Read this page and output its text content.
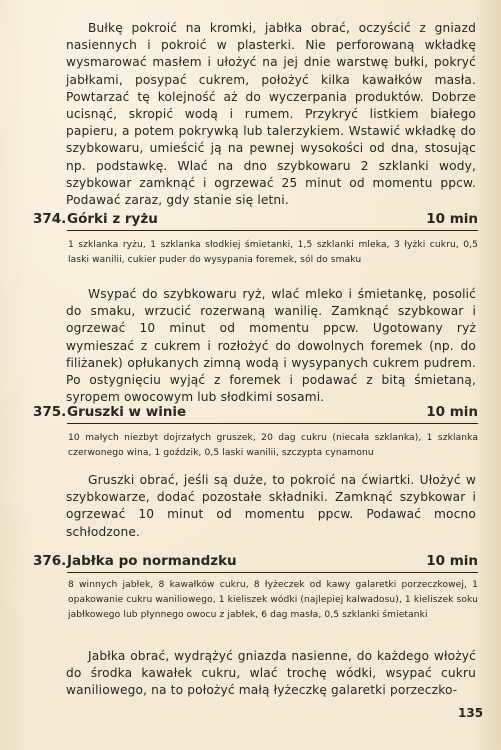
Bułkę pokroić na kromki, jabłka obrać, oczyścić z gniazd nasiennych i pokroić w plasterki. Nie perforowaną wkładkę wysmarować masłem i ułożyć na jej dnie warstwę bułki, pokryć jabłkami, posypać cukrem, położyć kilka kawałków masła. Powtarzać tę kolejność aż do wyczerpania produktów. Dobrze ucisnąć, skropić wodą i rumem. Przykryć listkiem białego papieru, a potem pokrywką lub talerzykiem. Wstawić wkładkę do szybkowaru, umieścić ją na pewnej wysokości od dna, stosując np. podstawkę. Wlać na dno szybkowaru 2 szklanki wody, szybkowar zamknąć i ogrzewać 25 minut od momentu ppcw. Podawać zaraz, gdy stanie się letni.
374. Górki z ryżu	10 min
1 szklanka ryżu, 1 szklanka słodkiej śmietanki, 1,5 szklanki mleka, 3 łyżki cukru, 0,5 laski wanilii, cukier puder do wysypania foremek, sól do smaku
Wsypać do szybkowaru ryż, wlać mleko i śmietankę, posolić do smaku, wrzucić rozerwaną wanilię. Zamknąć szybkowar i ogrzewać 10 minut od momentu ppcw. Ugotowany ryż wymieszać z cukrem i rozłożyć do dowolnych foremek (np. do filiżanek) opłukanych zimną wodą i wysypanych cukrem pudrem. Po ostygnięciu wyjąć z foremek i podawać z bitą śmietaną, syropem owocowym lub słodkimi sosami.
375. Gruszki w winie	10 min
10 małych niezbyt dojrzałych gruszek, 20 dag cukru (niecała szklanka), 1 szklanka czerwonego wina, 1 goździk, 0,5 laski wanilii, szczypta cynamonu
Gruszki obrać, jeśli są duże, to pokroić na ćwiartki. Ułożyć w szybkowarze, dodać pozostałe składniki. Zamknąć szybkowar i ogrzewać 10 minut od momentu ppcw. Podawać mocno schłodzone.
376. Jabłka po normandzku	10 min
8 winnych jabłek, 8 kawałków cukru, 8 łyżeczek od kawy galaretki porzeczkowej, 1 opakowanie cukru waniliowego, 1 kieliszek wódki (najlepiej kalwadosu), 1 kieliszek soku jabłkowego lub płynnego owocu z jabłek, 6 dag masła, 0,5 szklanki śmietanki
Jabłka obrać, wydrążyć gniazda nasienne, do każdego włożyć do środka kawałek cukru, wlać trochę wódki, wsypać cukru waniliowego, na to położyć małą łyżeczkę galaretki porzeczko-
135
